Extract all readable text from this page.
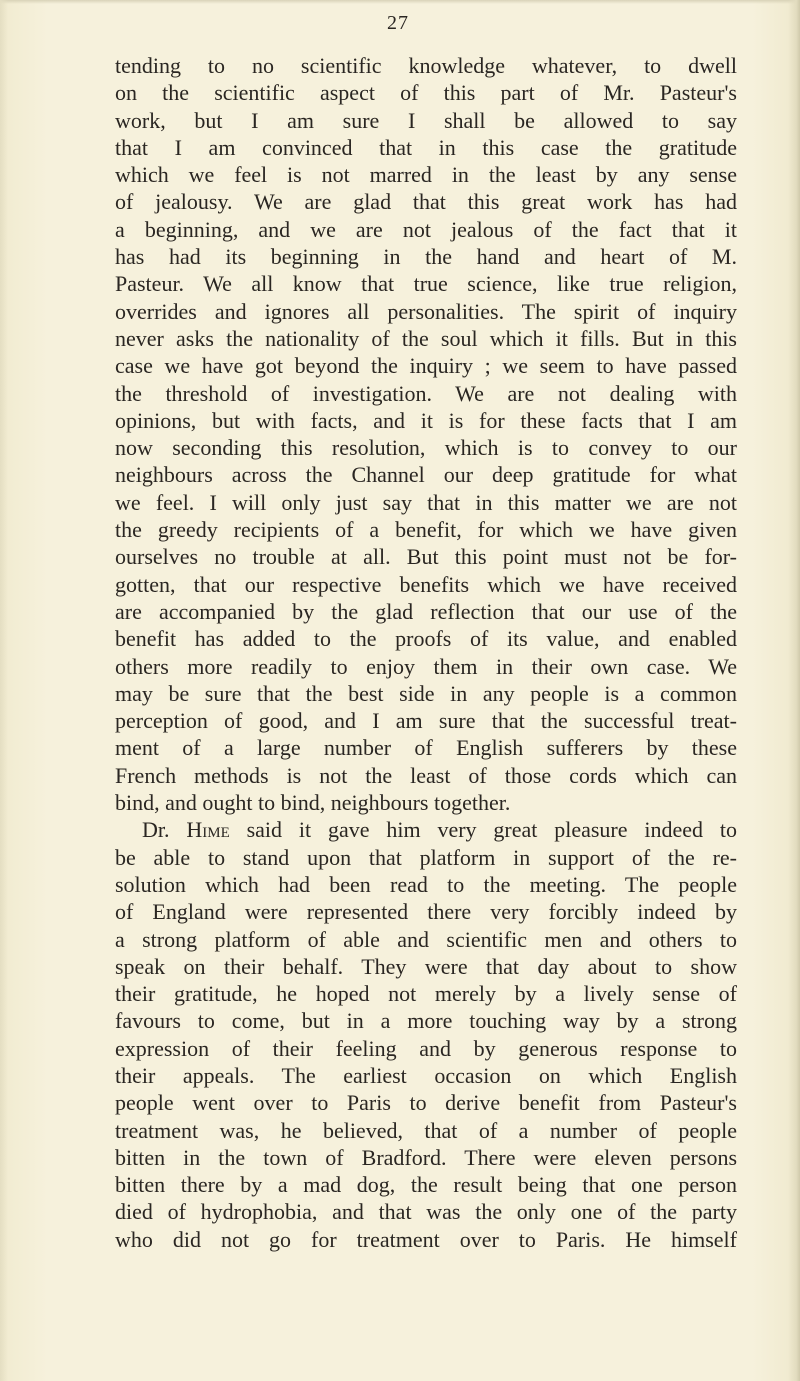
27
tending to no scientific knowledge whatever, to dwell
on the scientific aspect of this part of Mr. Pasteur's
work, but I am sure I shall be allowed to say
that I am convinced that in this case the gratitude
which we feel is not marred in the least by any sense
of jealousy. We are glad that this great work has had
a beginning, and we are not jealous of the fact that it
has had its beginning in the hand and heart of M.
Pasteur. We all know that true science, like true religion,
overrides and ignores all personalities. The spirit of inquiry
never asks the nationality of the soul which it fills. But in this
case we have got beyond the inquiry ; we seem to have passed
the threshold of investigation. We are not dealing with
opinions, but with facts, and it is for these facts that I am
now seconding this resolution, which is to convey to our
neighbours across the Channel our deep gratitude for what
we feel. I will only just say that in this matter we are not
the greedy recipients of a benefit, for which we have given
ourselves no trouble at all. But this point must not be for-
gotten, that our respective benefits which we have received
are accompanied by the glad reflection that our use of the
benefit has added to the proofs of its value, and enabled
others more readily to enjoy them in their own case. We
may be sure that the best side in any people is a common
perception of good, and I am sure that the successful treat-
ment of a large number of English sufferers by these
French methods is not the least of those cords which can
bind, and ought to bind, neighbours together.
Dr. Hime said it gave him very great pleasure indeed to
be able to stand upon that platform in support of the re-
solution which had been read to the meeting. The people
of England were represented there very forcibly indeed by
a strong platform of able and scientific men and others to
speak on their behalf. They were that day about to show
their gratitude, he hoped not merely by a lively sense of
favours to come, but in a more touching way by a strong
expression of their feeling and by generous response to
their appeals. The earliest occasion on which English
people went over to Paris to derive benefit from Pasteur's
treatment was, he believed, that of a number of people
bitten in the town of Bradford. There were eleven persons
bitten there by a mad dog, the result being that one person
died of hydrophobia, and that was the only one of the party
who did not go for treatment over to Paris. He himself
